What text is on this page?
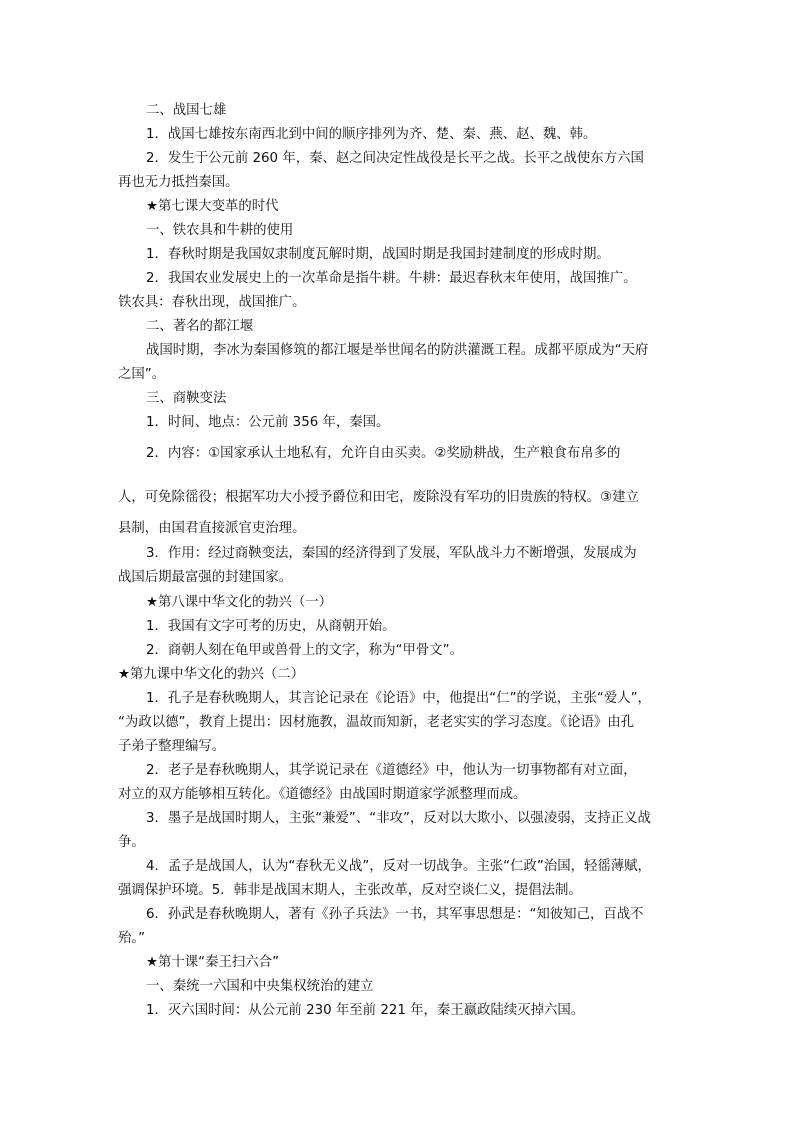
二、战国七雄
1．战国七雄按东南西北到中间的顺序排列为齐、楚、秦、燕、赵、魏、韩。
2．发生于公元前 260 年，秦、赵之间决定性战役是长平之战。长平之战使东方六国
再也无力抵挡秦国。
★第七课大变革的时代
一、铁农具和牛耕的使用
1．春秋时期是我国奴隶制度瓦解时期，战国时期是我国封建制度的形成时期。
2．我国农业发展史上的一次革命是指牛耕。牛耕：最迟春秋末年使用，战国推广。
铁农具：春秋出现，战国推广。
二、著名的都江堰
战国时期，李冰为秦国修筑的都江堰是举世闻名的防洪灌溉工程。成都平原成为“天府
之国”。
三、商鞅变法
1．时间、地点：公元前 356 年，秦国。
2．内容：①国家承认土地私有，允许自由买卖。②奖励耕战，生产粮食布帛多的
人，可免除徭役；根据军功大小授予爵位和田宅，废除没有军功的旧贵族的特权。③建立
县制，由国君直接派官吏治理。
3．作用：经过商鞅变法，秦国的经济得到了发展，军队战斗力不断增强，发展成为
战国后期最富强的封建国家。
★第八课中华文化的勃兴（一）
1．我国有文字可考的历史，从商朝开始。
2．商朝人刻在龟甲或兽骨上的文字，称为“甲骨文”。
★第九课中华文化的勃兴（二）
1．孔子是春秋晚期人，其言论记录在《论语》中，他提出“仁”的学说，主张“爱人”，
“为政以德”，教育上提出：因材施教，温故而知新，老老实实的学习态度。《论语》由孔
子弟子整理编写。
2．老子是春秋晚期人，其学说记录在《道德经》中，他认为一切事物都有对立面，
对立的双方能够相互转化。《道德经》由战国时期道家学派整理而成。
3．墨子是战国时期人，主张“兼爱”、“非攻”，反对以大欺小、以强凌弱，支持正义战
争。
4．孟子是战国人，认为“春秋无义战”，反对一切战争。主张“仁政”治国，轻徭薄赋，
强调保护环境。5．韩非是战国末期人，主张改革，反对空谈仁义，提倡法制。
6．孙武是春秋晚期人，著有《孙子兵法》一书，其军事思想是：“知彼知己，百战不
殆。”
★第十课“秦王扫六合”
一、秦统一六国和中央集权统治的建立
1．灭六国时间：从公元前 230 年至前 221 年，秦王嬴政陆续灭掉六国。
